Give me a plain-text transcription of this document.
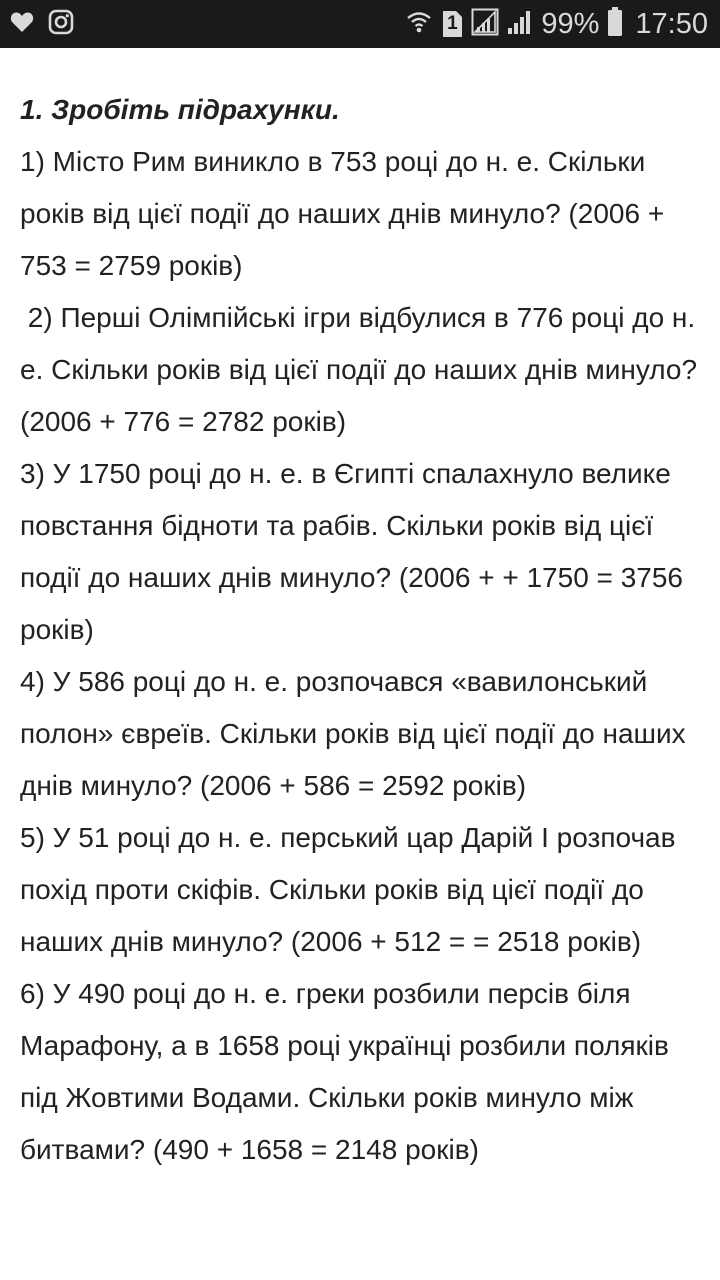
1	99% 17:50

1. Зробіть підрахунки.

1) Місто Рим виникло в 753 році до н. е. Скільки років від цієї події до наших днів минуло? (2006 + 753 = 2759 років)

2) Перші Олімпійські ігри відбулися в 776 році до н. е. Скільки років від цієї події до наших днів минуло? (2006 + 776 = 2782 років)

3) У 1750 році до н. е. в Єгипті спалахнуло велике повстання бідноти та рабів. Скільки років від цієї події до наших днів минуло? (2006 + + 1750 = 3756 років)

4) У 586 році до н. е. розпочався «вавилонський полон» євреїв. Скільки років від цієї події до наших днів минуло? (2006 + 586 = 2592 років)

5) У 51 році до н. е. перський цар Дарій І розпочав похід проти скіфів. Скільки років від цієї події до наших днів минуло? (2006 + 512 = = 2518 років)

6) У 490 році до н. е. греки розбили персів біля Марафону, а в 1658 році українці розбили поляків під Жовтими Водами. Скільки років минуло між битвами? (490 + 1658 = 2148 років)
